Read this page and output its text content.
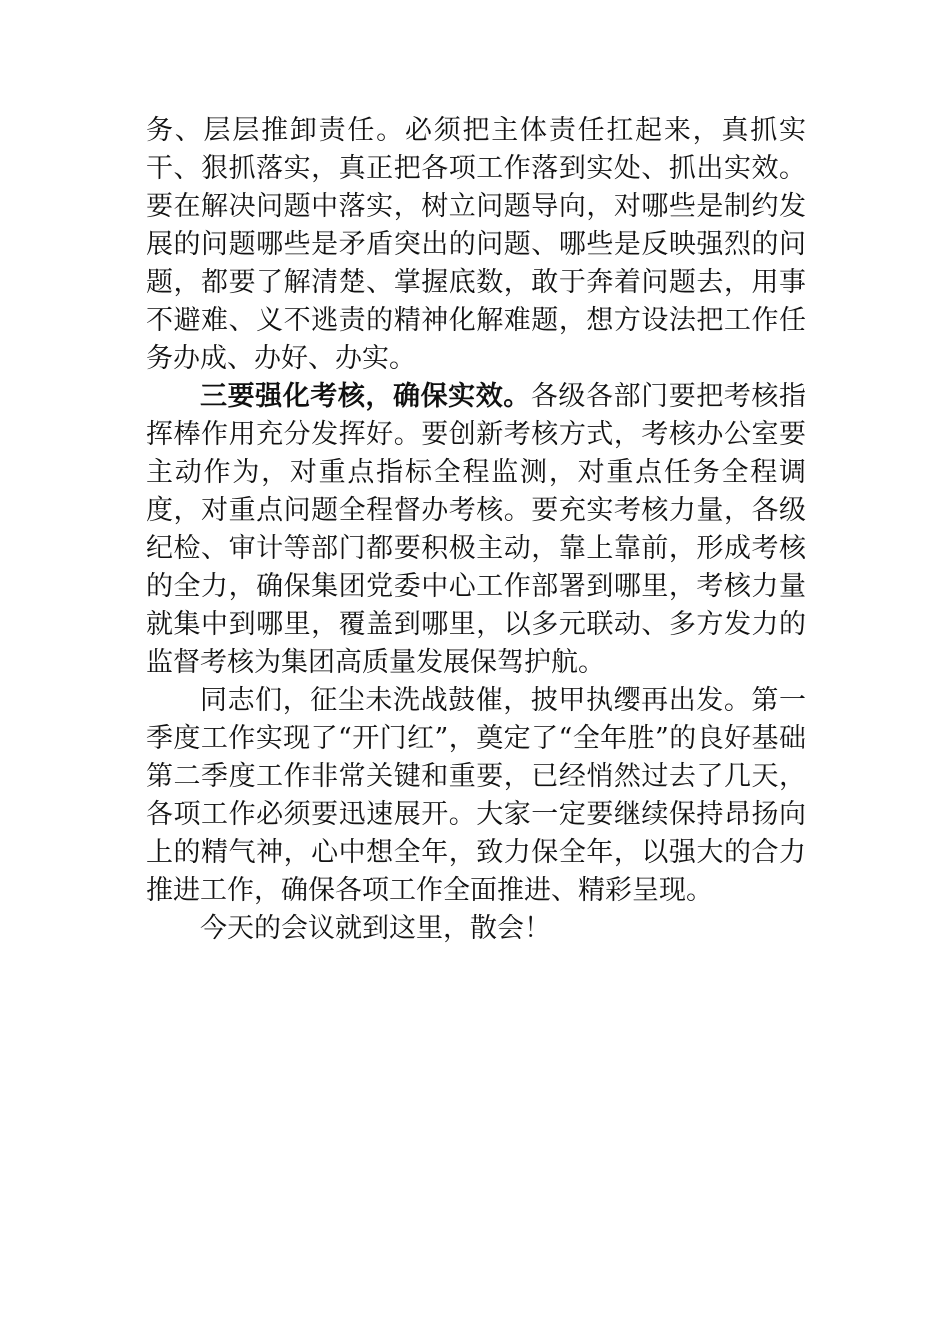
务、层层推卸责任。必须把主体责任扛起来，真抓实干、狠抓落实，真正把各项工作落到实处、抓出实效。要在解决问题中落实，树立问题导向，对哪些是制约发展的问题哪些是矛盾突出的问题、哪些是反映强烈的问题，都要了解清楚、掌握底数，敢于奔着问题去，用事不避难、义不逃责的精神化解难题，想方设法把工作任务办成、办好、办实。

三要强化考核，确保实效。各级各部门要把考核指挥棒作用充分发挥好。要创新考核方式，考核办公室要主动作为，对重点指标全程监测，对重点任务全程调度，对重点问题全程督办考核。要充实考核力量，各级纪检、审计等部门都要积极主动，靠上靠前，形成考核的全力，确保集团党委中心工作部署到哪里，考核力量就集中到哪里，覆盖到哪里，以多元联动、多方发力的监督考核为集团高质量发展保驾护航。

同志们，征尘未洗战鼓催，披甲执缨再出发。第一季度工作实现了“开门红”，奠定了“全年胜”的良好基础第二季度工作非常关键和重要，已经悄然过去了几天，各项工作必须要迅速展开。大家一定要继续保持昂扬向上的精气神，心中想全年，致力保全年，以强大的合力推进工作，确保各项工作全面推进、精彩呈现。

今天的会议就到这里，散会！
